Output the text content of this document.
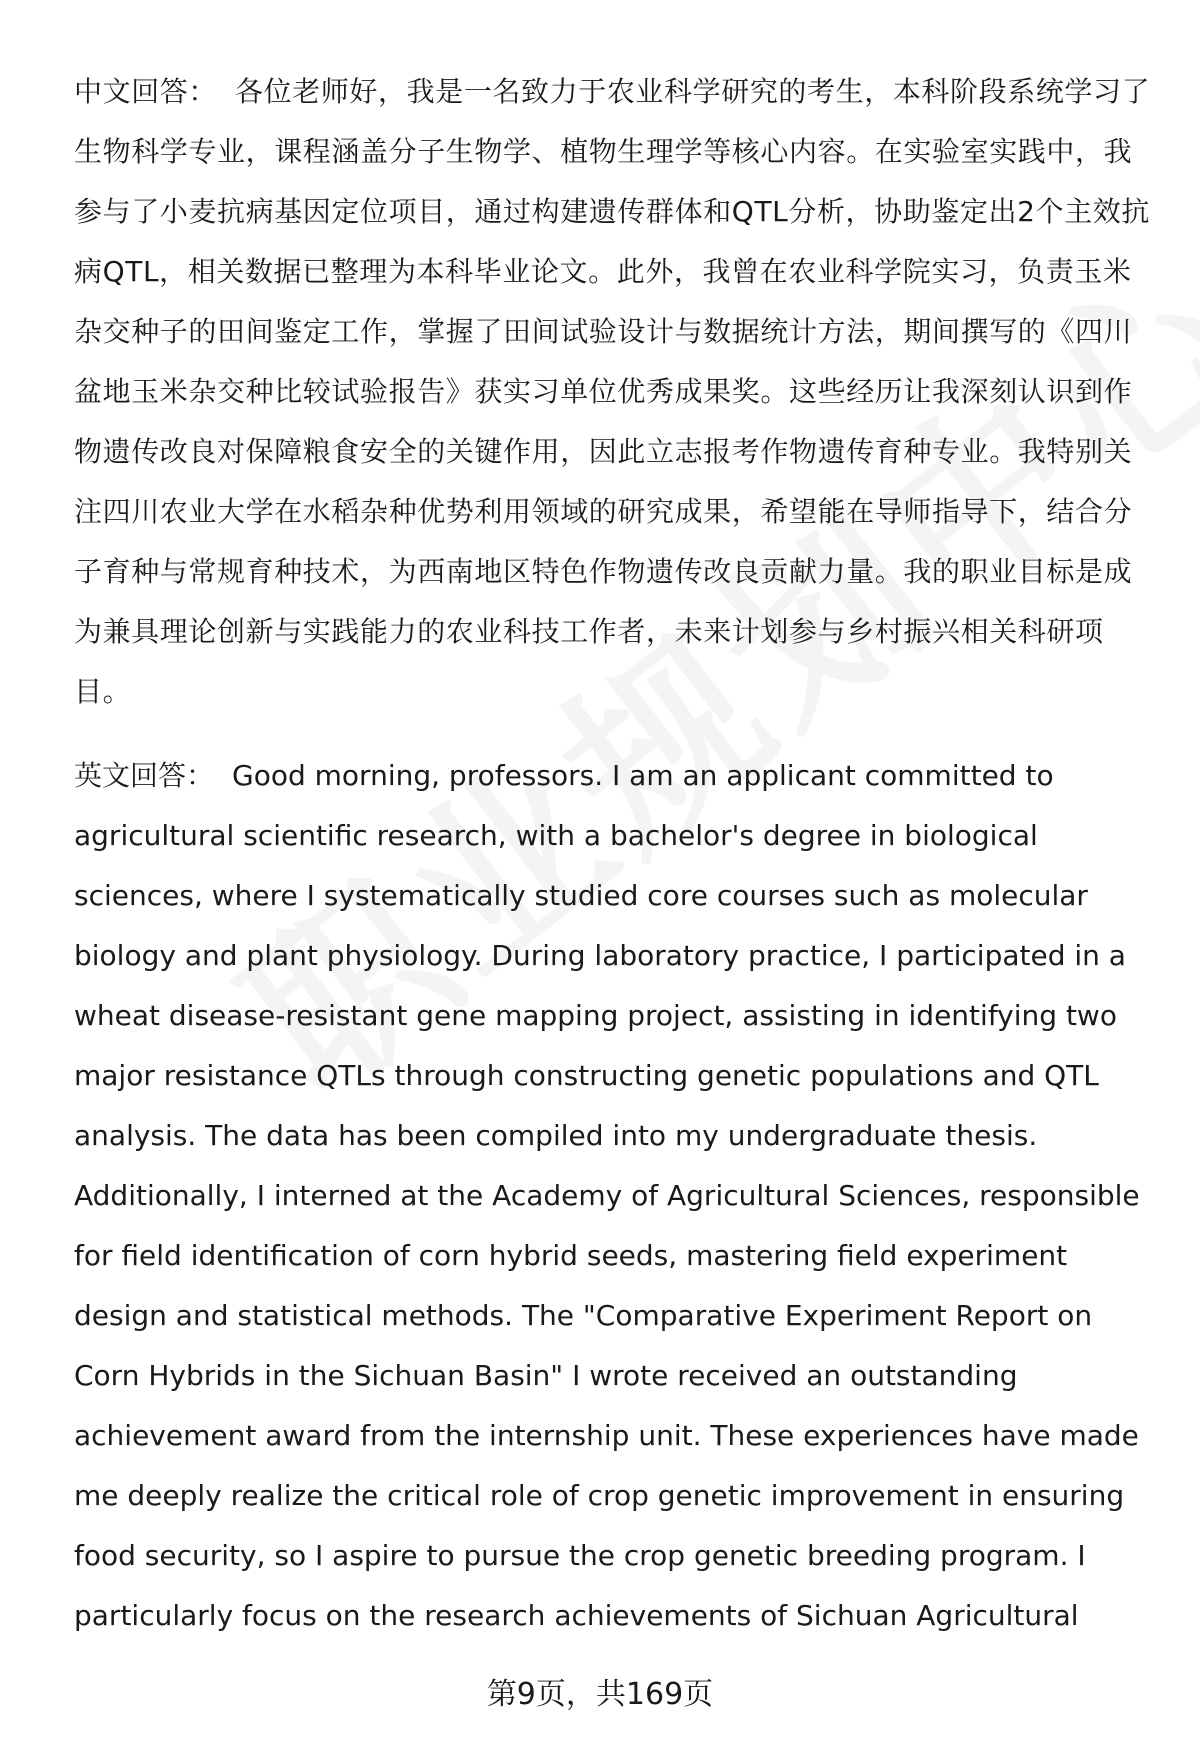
中文回答： 各位老师好，我是一名致力于农业科学研究的考生，本科阶段系统学习了生物科学专业，课程涵盖分子生物学、植物生理学等核心内容。在实验室实践中，我参与了小麦抗病基因定位项目，通过构建遗传群体和QTL分析，协助鉴定出2个主效抗病QTL，相关数据已整理为本科毕业论文。此外，我曾在农业科学院实习，负责玉米杂交种子的田间鉴定工作，掌握了田间试验设计与数据统计方法，期间撰写的《四川盆地玉米杂交种比较试验报告》获实习单位优秀成果奖。这些经历让我深刻认识到作物遗传改良对保障粮食安全的关键作用，因此立志报考作物遗传育种专业。我特别关注四川农业大学在水稻杂种优势利用领域的研究成果，希望能在导师指导下，结合分子育种与常规育种技术，为西南地区特色作物遗传改良贡献力量。我的职业目标是成为兼具理论创新与实践能力的农业科技工作者，未来计划参与乡村振兴相关科研项目。
英文回答： Good morning, professors. I am an applicant committed to agricultural scientific research, with a bachelor's degree in biological sciences, where I systematically studied core courses such as molecular biology and plant physiology. During laboratory practice, I participated in a wheat disease-resistant gene mapping project, assisting in identifying two major resistance QTLs through constructing genetic populations and QTL analysis. The data has been compiled into my undergraduate thesis. Additionally, I interned at the Academy of Agricultural Sciences, responsible for field identification of corn hybrid seeds, mastering field experiment design and statistical methods. The "Comparative Experiment Report on Corn Hybrids in the Sichuan Basin" I wrote received an outstanding achievement award from the internship unit. These experiences have made me deeply realize the critical role of crop genetic improvement in ensuring food security, so I aspire to pursue the crop genetic breeding program. I particularly focus on the research achievements of Sichuan Agricultural
第9页，共169页
